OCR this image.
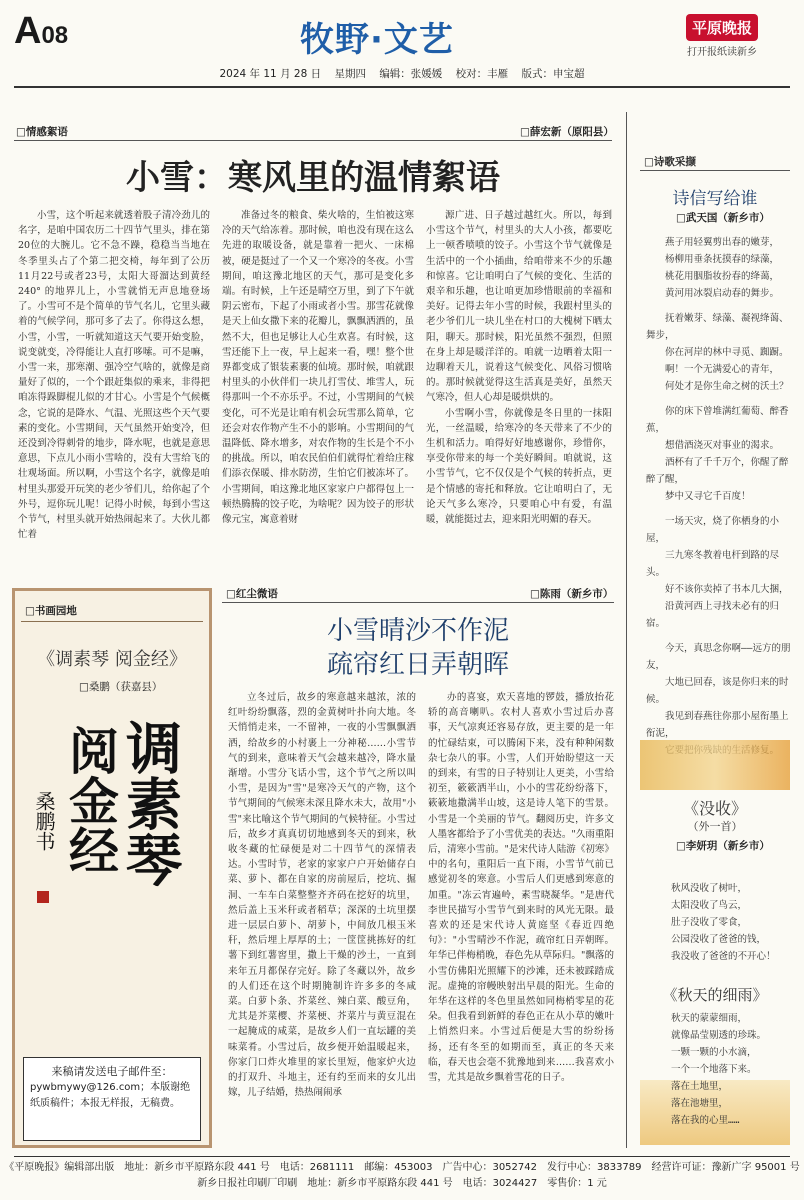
A08	牧野·文艺	平原晚报
打开报纸读新乡
2024 年 11 月 28 日 星期四 编辑：张媛媛 校对：丰雁 版式：申宝超
□ 情感絮语	□ 薛宏新（原阳县）
小雪：寒风里的温情絮语

小雪，这个听起来就透着股子清冷劲儿的名字，是咱中国农历二十四节气里头，排在第20位的大腕儿。它不急不躁，稳稳当当地在冬季里头占了个第二把交椅，每年到了公历11月22号或者23号，太阳大哥溜达到黄经240° 的地界儿上，小雪就悄无声息地登场了。小雪可不是个简单的节气名儿，它里头藏着的气候学问，那可多了去了。你得这么想，小雪，小雪，一听就知道这天气要开始变脸，说变就变，冷得能让人直打哆嗦。可不是嘛，小雪一来，那寒潮、强冷空气啥的，就像是商量好了似的，一个个跟赶集似的乘来，非得把咱冻得跺脚棍儿似的才甘心。小雪是个气候概念，它说的是降水、气温、光照这些个天气要素的变化。小雪期间，天气虽然开始变冷，但还没到冷得刺骨的地步，降水呢，也就是意思意思，下点儿小雨小雪啥的，没有大雪给飞的壮观场面。所以啊，小雪这个名字，就像是咱村里头那爱开玩笑的老少爷们儿，给你起了个外号，逗你玩儿呢！记得小时候，每到小雪这个节气，村里头就开始热闹起来了。大伙儿都忙着

准备过冬的粮食、柴火啥的，生怕被这寒冷的天气给冻着。那时候，咱也没有现在这么先进的取暖设备，就是靠着一把火、一床棉被，硬是挺过了一个又一个寒冷的冬夜。小雪期间，咱这豫北地区的天气，那可是变化多端。有时候，上午还是晴空万里，到了下午就阴云密布，下起了小雨或者小雪。那雪花就像是天上仙女撒下来的花瓣儿，飘飘洒洒的，虽然不大，但也足够让人心生欢喜。有时候，这雪还能下上一夜，早上起来一看，嘿！整个世界都变成了银装素裹的仙境。那时候，咱就跟村里头的小伙伴们一块儿打雪仗、堆雪人，玩得那叫一个不亦乐乎。不过，小雪期间的气候变化，可不光是让咱有机会玩雪那么简单，它还会对农作物产生不小的影响。小雪期间的气温降低、降水增多，对农作物的生长是个不小的挑战。所以，咱农民伯伯们就得忙着给庄稼们添衣保暖、排水防涝，生怕它们被冻坏了。小雪期间，咱这豫北地区家家户户都得包上一顿热腾腾的饺子吃，为啥呢？因为饺子的形状像元宝，寓意着财

源广进、日子越过越红火。所以，每到小雪这个节气，村里头的大人小孩，都要吃上一顿香喷喷的饺子。小雪这个节气就像是生活中的一个小插曲，给咱带来不少的乐趣和惊喜。它让咱明白了气候的变化、生活的艰辛和乐趣，也让咱更加珍惜眼前的幸福和美好。记得去年小雪的时候，我跟村里头的老少爷们儿一块儿坐在村口的大槐树下晒太阳，聊天。那时候，阳光虽然不强烈，但照在身上却是暖洋洋的。咱就一边晒着太阳一边聊着天儿，说着这气候变化、风俗习惯啥的。那时候就觉得这生活真是美好，虽然天气寒冷，但人心却是暖烘烘的。

小雪啊小雪，你就像是冬日里的一抹阳光，一丝温暖，给寒冷的冬天带来了不少的生机和活力。咱得好好地感谢你，珍惜你，享受你带来的每一个美好瞬间。咱就说，这小雪节气，它不仅仅是个气候的转折点，更是个情感的寄托和释放。它让咱明白了，无论天气多么寒冷，只要咱心中有爱，有温暖，就能挺过去，迎来阳光明媚的春天。

□ 诗歌采撷
诗信写给谁
□ 武天国（新乡市）

燕子用轻翼剪出春的嫩芽，

杨柳用垂条抚摸春的绿藻，

桃花用胭脂妆扮春的绛蔼，

黄河用冰裂启动春的舞步。

抚着嫩芽、绿藻、凝视绛蔼、舞步，

你在河岸的林中寻觅、踟蹰。

啊！一个无满爱心的青年，

何处才是你生命之树的沃土？

你的床下曾堆满红葡萄、醉香蕉，

想借酒浇灭对事业的渴求。

酒杯有了千千万个，你醒了醉醉了醒，

梦中又寻它千百度！

一场天灾，烧了你栖身的小屋，

三九寒冬教着电杆到路的尽头。

好不该你卖掉了书本几大捆，

沿黄河西上寻找未必有的归宿。

今天，真思念你啊——远方的朋友，

大地已回春，该是你归来的时候。

我见到春燕往你那小屋衔墨上衔泥，

□ 书画园地
《调素琴 阅金经》
□ 桑鹏（获嘉县）
调素琴
阅金经
桑鹏书
来稿请发送电子邮件至：
pywbmywy@126.com；本版谢绝纸质稿件；本报无样报，无稿费。
□ 红尘微语	□ 陈雨（新乡市）
小雪晴沙不作泥
疏帘红日弄朝晖

立冬过后，故乡的寒意越来越浓，浓的红叶纷纷飘落，烈的金黄树叶扑向大地。冬天悄悄走来，一不留神，一夜的小雪飘飘洒洒，给故乡的小村裹上一分神秘……小雪节气的到来，意味着天气会越来越冷，降水量渐增。小雪分飞话小雪，这个节气之所以叫小雪，是因为"雪"是寒冷天气的产物，这个节气期间的气候寒未深且降水未大，故用"小雪"来比喻这个节气期间的气候特征。小雪过后，故乡才真真切切地感到冬天的到来，秋收冬藏的忙碌便是对二十四节气的深情表达。小雪时节，老家的家家户户开始储存白菜、萝卜、都在自家的房前屋后，挖坑、掘洞、一车车白菜整整齐齐码在挖好的坑里，然后盖上玉米秆或者稻草；深深的土坑里摆进一层层白萝卜、胡萝卜，中间放几根玉米秆，然后埋上厚厚的土；一筐筐挑拣好的红薯下到红薯窖里，撒上干燥的沙土，一直到来年五月都保存完好。除了冬藏以外，故乡的人们还在这个时期腌制许许多多的冬咸菜。白萝卜条、芥菜丝、辣白菜、酸豆角，尤其是芥菜樱、芥菜梗、芥菜片与黄豆混在一起腌成的咸菜，是故乡人们一直坛罐的美味菜肴。小雪过后，故乡便开始温暖起来，你家门口炸火堆里的家长里短，他家炉火边的打双升、斗地主，还有约至而来的女儿出嫁，儿子结婚，热热闹闹承

办的喜宴，欢天喜地的锣鼓，播放抬花轿的高音喇叭。农村人喜欢小雪过后办喜事，天气凉爽还容易存放，更主要的是一年的忙碌结束，可以腾闲下来，没有种种闲数杂七杂八的事。小雪，人们开始盼望这一天的到来，有雪的日子特别让人更美，小雪给初至，簌簌洒半山，小小的雪花纷纷落下，簌簌地撒满半山坡，这是诗人笔下的雪景。小雪是一个美丽的节气。翻阅历史，许多文人墨客都给予了小雪优美的表达。"久雨重阳后，清寒小雪前。"是宋代诗人陆游《初寒》中的名句，重阳后一直下雨，小雪节气前已感觉初冬的寒意。小雪后人们更感到寒意的加重。"冻云宵遍岭，素雪晓凝华。"是唐代李世民描写小雪节气到来时的风光无限。最喜欢的还是宋代诗人黄庭坚《春近四绝句》："小雪晴沙不作泥，疏帘红日弄朝晖。年华已伴梅梢晚，春色先从草际归。"飘落的小雪仿佛阳光照耀下的沙滩，还未被踩踏成泥。虚掩的帘幔映射出早晨的阳光。生命的年华在这样的冬色里虽然如同梅梢零星的花朵。但我看到新鲜的春色正在从小草的嫩叶上悄然归来。小雪过后便是大雪的纷纷扬扬，还有冬至的如期而至，真正的冬天来临，春天也会毫不犹豫地到来……我喜欢小雪，尤其是故乡飘着雪花的日子。

《没收》
（外一首）
□ 李妍玥（新乡市）

秋风没收了树叶，

太阳没收了鸟云，

肚子没收了零食，

公园没收了爸爸的钱，

我没收了爸爸的不开心！

《秋天的细雨》

秋天的蒙蒙细雨，

就像晶莹剔透的珍珠。

一颗一颗的小水滴，

一个一个地落下来。

落在土地里，

落在池塘里，

落在我的心里……

《平原晚报》编辑部出版　地址：新乡市平原路东段 441 号　电话：2681111　邮编：453003　广告中心：3052742　发行中心：3833789　经营许可证：豫新广字 95001 号
新乡日报社印刷厂印刷　地址：新乡市平原路东段 441 号　电话：3024427　零售价：1 元
